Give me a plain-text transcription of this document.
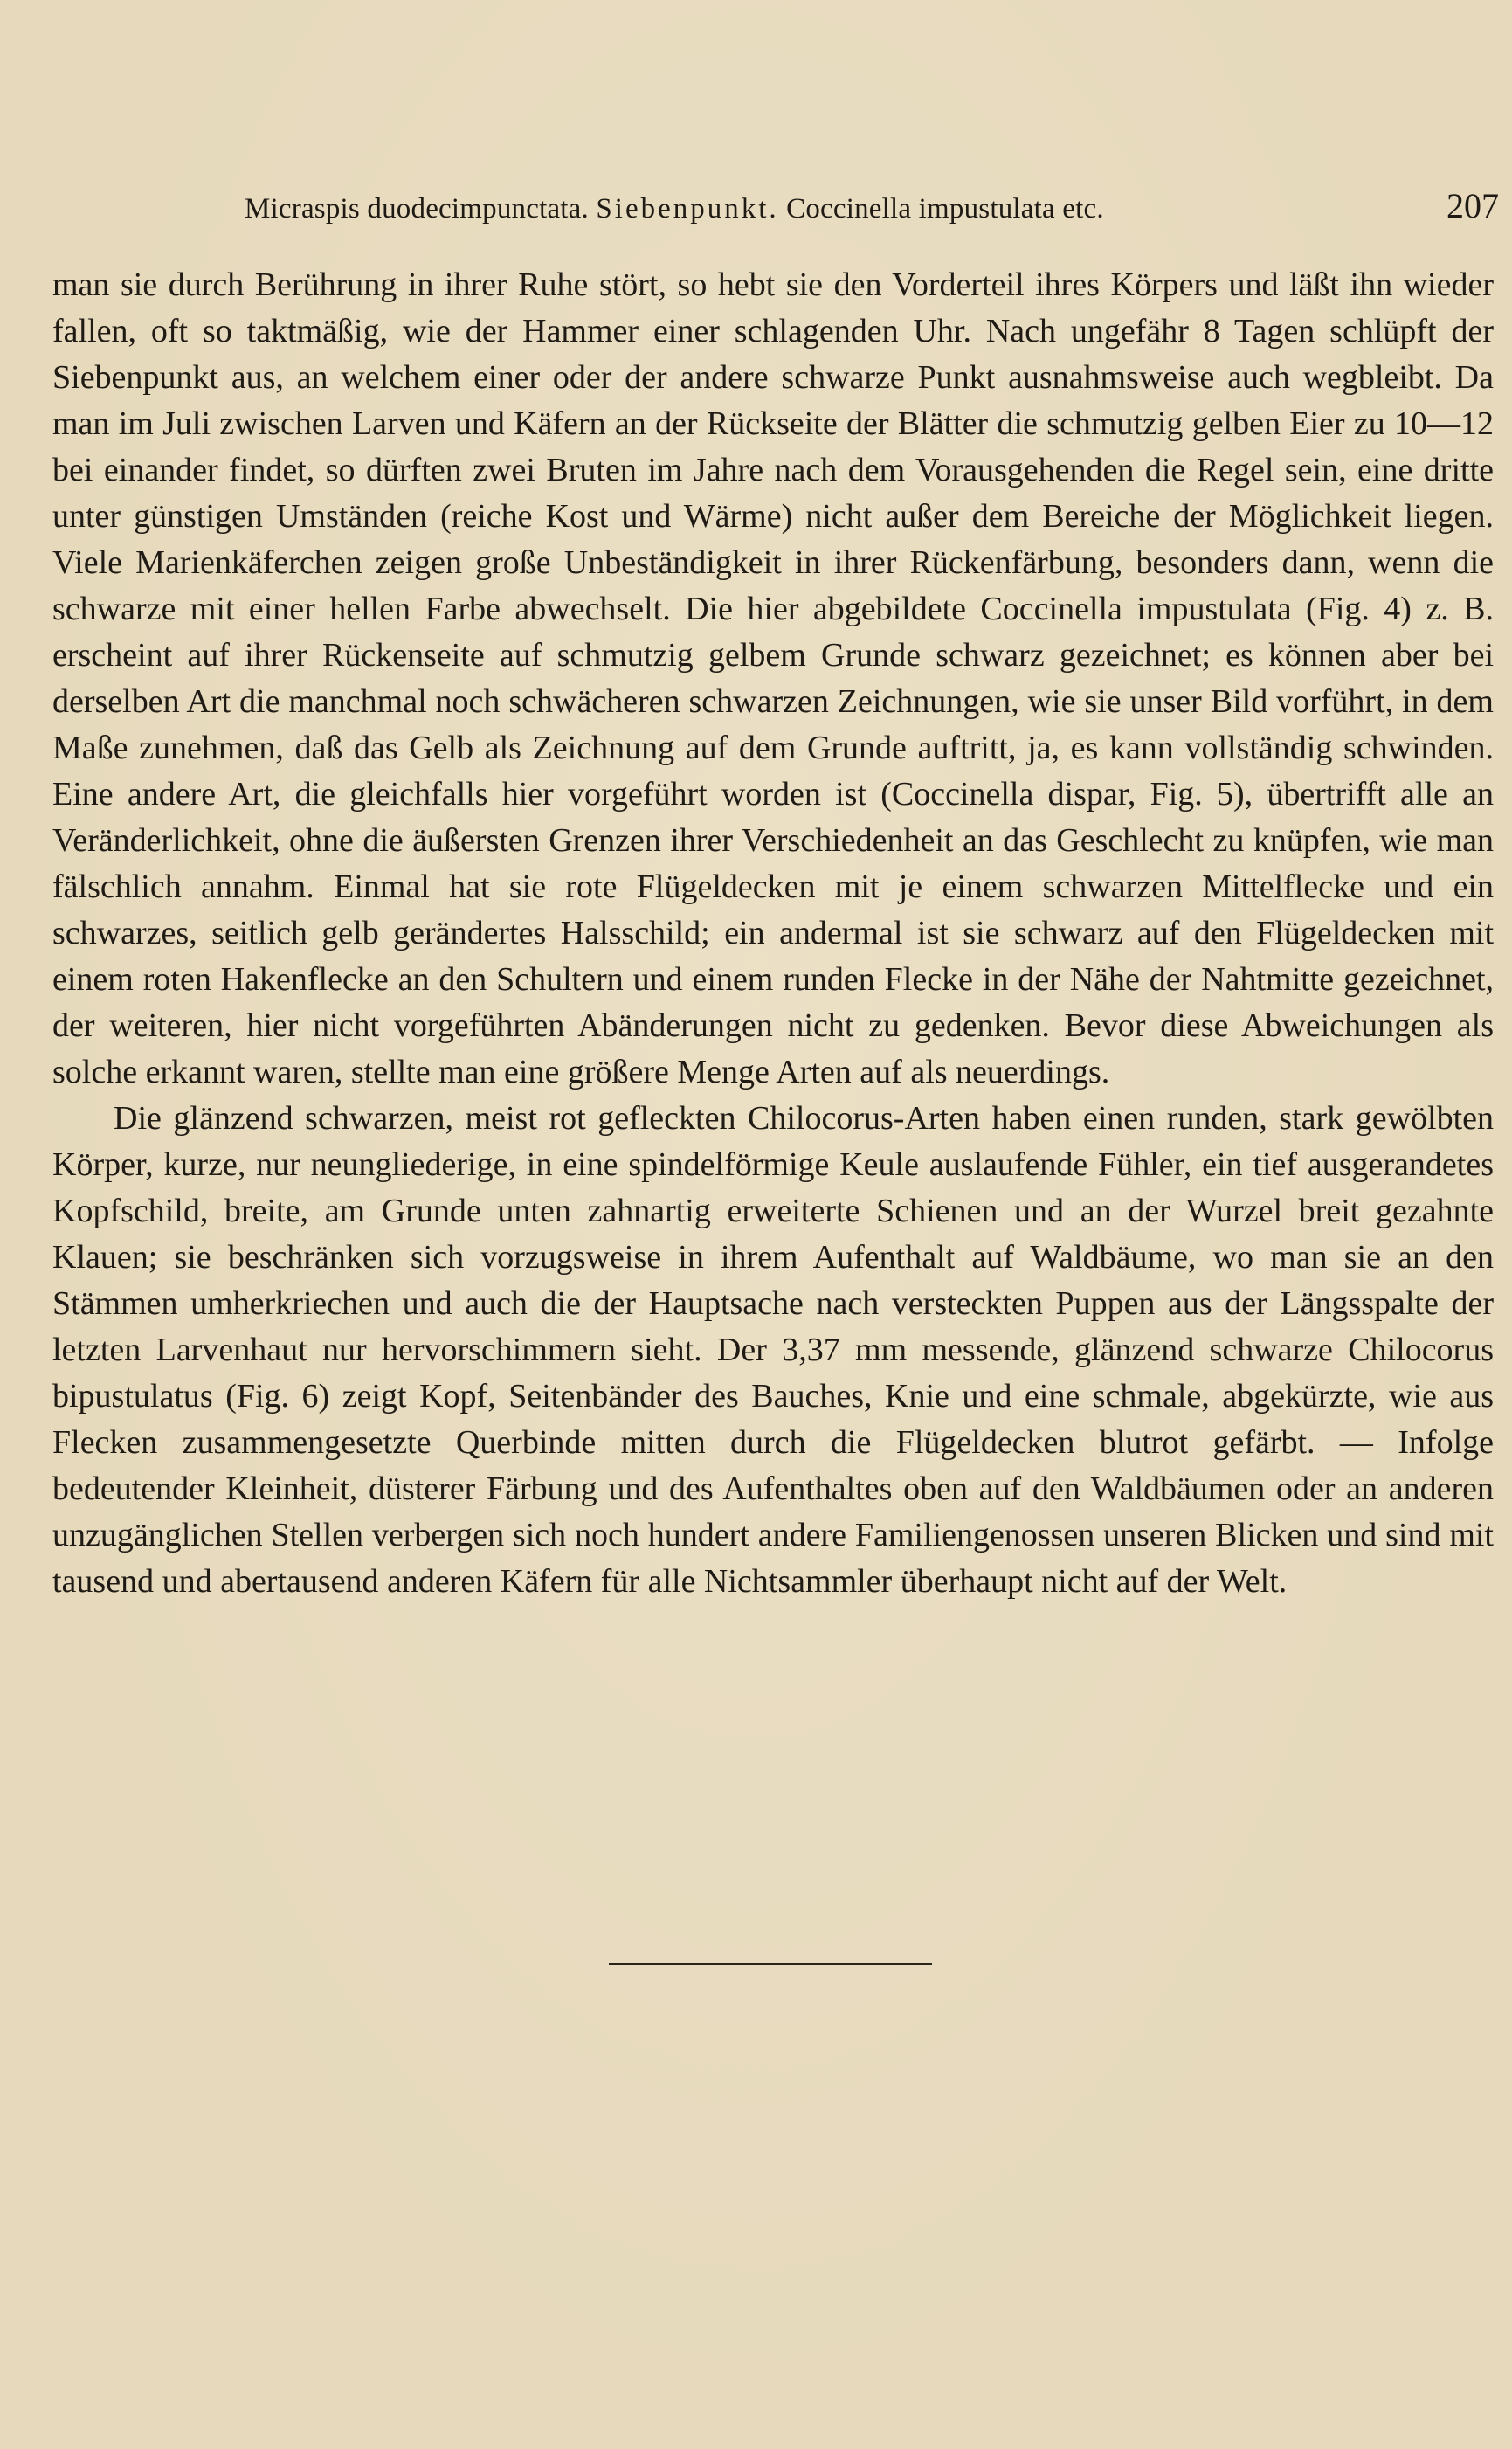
Micraspis duodecimpunctata. Siebenpunkt. Coccinella impustulata etc.	207

man sie durch Berührung in ihrer Ruhe stört, so hebt sie den Vorderteil ihres Körpers und läßt ihn wieder fallen, oft so taktmäßig, wie der Hammer einer schlagenden Uhr. Nach ungefähr 8 Tagen schlüpft der Siebenpunkt aus, an welchem einer oder der andere schwarze Punkt ausnahmsweise auch wegbleibt. Da man im Juli zwischen Larven und Käfern an der Rückseite der Blätter die schmutzig gelben Eier zu 10—12 bei einander findet, so dürften zwei Bruten im Jahre nach dem Vorausgehenden die Regel sein, eine dritte unter günstigen Umständen (reiche Kost und Wärme) nicht außer dem Bereiche der Möglichkeit liegen. Viele Marienkäferchen zeigen große Unbeständigkeit in ihrer Rückenfärbung, besonders dann, wenn die schwarze mit einer hellen Farbe abwechselt. Die hier abgebildete Coccinella impustulata (Fig. 4) z. B. erscheint auf ihrer Rückenseite auf schmutzig gelbem Grunde schwarz gezeichnet; es können aber bei derselben Art die manchmal noch schwächeren schwarzen Zeichnungen, wie sie unser Bild vorführt, in dem Maße zunehmen, daß das Gelb als Zeichnung auf dem Grunde auftritt, ja, es kann vollständig schwinden. Eine andere Art, die gleichfalls hier vorgeführt worden ist (Coccinella dispar, Fig. 5), übertrifft alle an Veränderlichkeit, ohne die äußersten Grenzen ihrer Verschiedenheit an das Geschlecht zu knüpfen, wie man fälschlich annahm. Einmal hat sie rote Flügeldecken mit je einem schwarzen Mittelflecke und ein schwarzes, seitlich gelb gerändertes Halsschild; ein andermal ist sie schwarz auf den Flügeldecken mit einem roten Hakenflecke an den Schultern und einem runden Flecke in der Nähe der Nahtmitte gezeichnet, der weiteren, hier nicht vorgeführten Abänderungen nicht zu gedenken. Bevor diese Abweichungen als solche erkannt waren, stellte man eine größere Menge Arten auf als neuerdings.

Die glänzend schwarzen, meist rot gefleckten Chilocorus-Arten haben einen runden, stark gewölbten Körper, kurze, nur neungliederige, in eine spindelförmige Keule auslaufende Fühler, ein tief ausgerandetes Kopfschild, breite, am Grunde unten zahnartig erweiterte Schienen und an der Wurzel breit gezahnte Klauen; sie beschränken sich vorzugsweise in ihrem Aufenthalt auf Waldbäume, wo man sie an den Stämmen umherkriechen und auch die der Hauptsache nach versteckten Puppen aus der Längsspalte der letzten Larvenhaut nur hervorschimmern sieht. Der 3,37 mm messende, glänzend schwarze Chilocorus bipustulatus (Fig. 6) zeigt Kopf, Seitenbänder des Bauches, Knie und eine schmale, abgekürzte, wie aus Flecken zusammengesetzte Querbinde mitten durch die Flügeldecken blutrot gefärbt. — Infolge bedeutender Kleinheit, düsterer Färbung und des Aufenthaltes oben auf den Waldbäumen oder an anderen unzugänglichen Stellen verbergen sich noch hundert andere Familiengenossen unseren Blicken und sind mit tausend und abertausend anderen Käfern für alle Nichtsammler überhaupt nicht auf der Welt.
